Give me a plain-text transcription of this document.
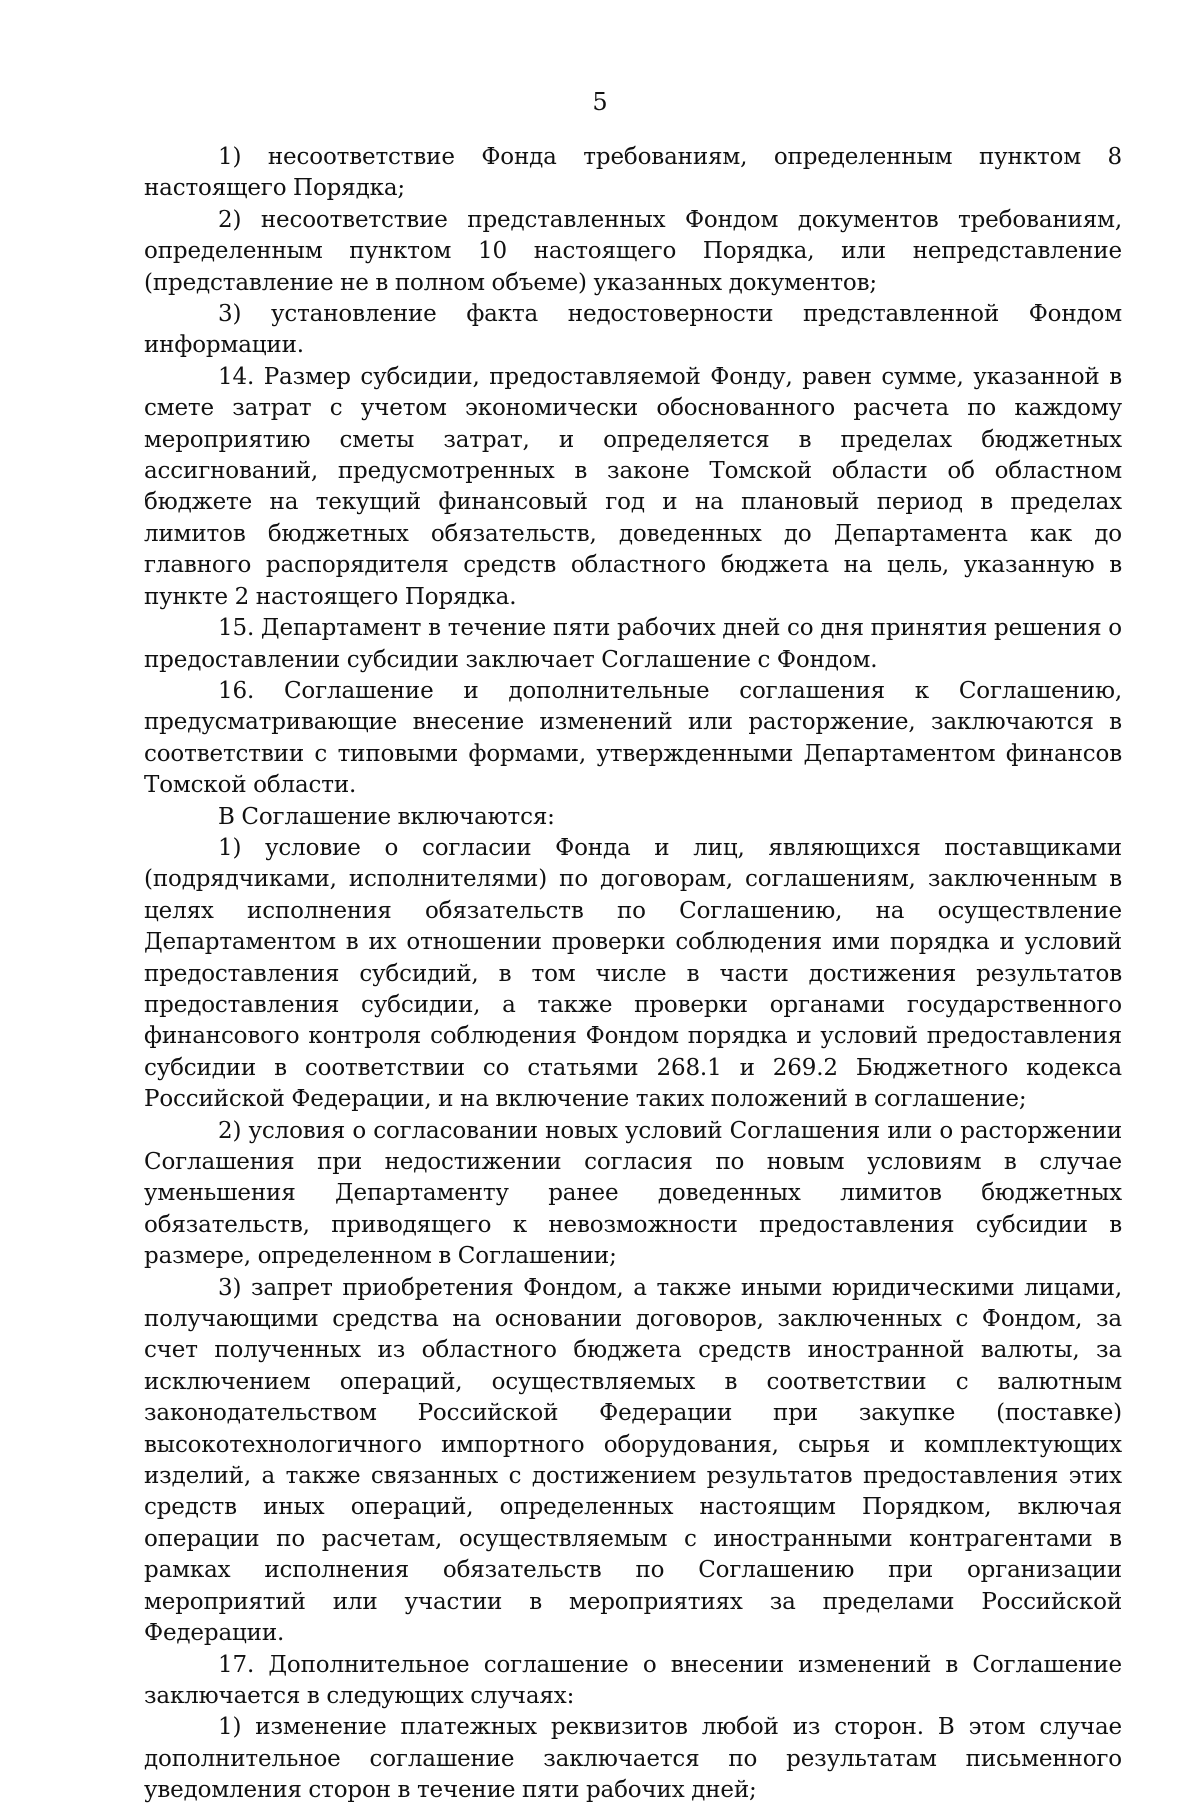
5

1) несоответствие Фонда требованиям, определенным пунктом 8 настоящего Порядка;

2) несоответствие представленных Фондом документов требованиям, определенным пунктом 10 настоящего Порядка, или непредставление (представление не в полном объеме) указанных документов;

3) установление факта недостоверности представленной Фондом информации.

14. Размер субсидии, предоставляемой Фонду, равен сумме, указанной в смете затрат с учетом экономически обоснованного расчета по каждому мероприятию сметы затрат, и определяется в пределах бюджетных ассигнований, предусмотренных в законе Томской области об областном бюджете на текущий финансовый год и на плановый период в пределах лимитов бюджетных обязательств, доведенных до Департамента как до главного распорядителя средств областного бюджета на цель, указанную в пункте 2 настоящего Порядка.

15. Департамент в течение пяти рабочих дней со дня принятия решения о предоставлении субсидии заключает Соглашение с Фондом.

16. Соглашение и дополнительные соглашения к Соглашению, предусматривающие внесение изменений или расторжение, заключаются в соответствии с типовыми формами, утвержденными Департаментом финансов Томской области.

В Соглашение включаются:

1) условие о согласии Фонда и лиц, являющихся поставщиками (подрядчиками, исполнителями) по договорам, соглашениям, заключенным в целях исполнения обязательств по Соглашению, на осуществление Департаментом в их отношении проверки соблюдения ими порядка и условий предоставления субсидий, в том числе в части достижения результатов предоставления субсидии, а также проверки органами государственного финансового контроля соблюдения Фондом порядка и условий предоставления субсидии в соответствии со статьями 268.1 и 269.2 Бюджетного кодекса Российской Федерации, и на включение таких положений в соглашение;

2) условия о согласовании новых условий Соглашения или о расторжении Соглашения при недостижении согласия по новым условиям в случае уменьшения Департаменту ранее доведенных лимитов бюджетных обязательств, приводящего к невозможности предоставления субсидии в размере, определенном в Соглашении;

3) запрет приобретения Фондом, а также иными юридическими лицами, получающими средства на основании договоров, заключенных с Фондом, за счет полученных из областного бюджета средств иностранной валюты, за исключением операций, осуществляемых в соответствии с валютным законодательством Российской Федерации при закупке (поставке) высокотехнологичного импортного оборудования, сырья и комплектующих изделий, а также связанных с достижением результатов предоставления этих средств иных операций, определенных настоящим Порядком, включая операции по расчетам, осуществляемым с иностранными контрагентами в рамках исполнения обязательств по Соглашению при организации мероприятий или участии в мероприятиях за пределами Российской Федерации.

17. Дополнительное соглашение о внесении изменений в Соглашение заключается в следующих случаях:

1) изменение платежных реквизитов любой из сторон. В этом случае дополнительное соглашение заключается по результатам письменного уведомления сторон в течение пяти рабочих дней;
